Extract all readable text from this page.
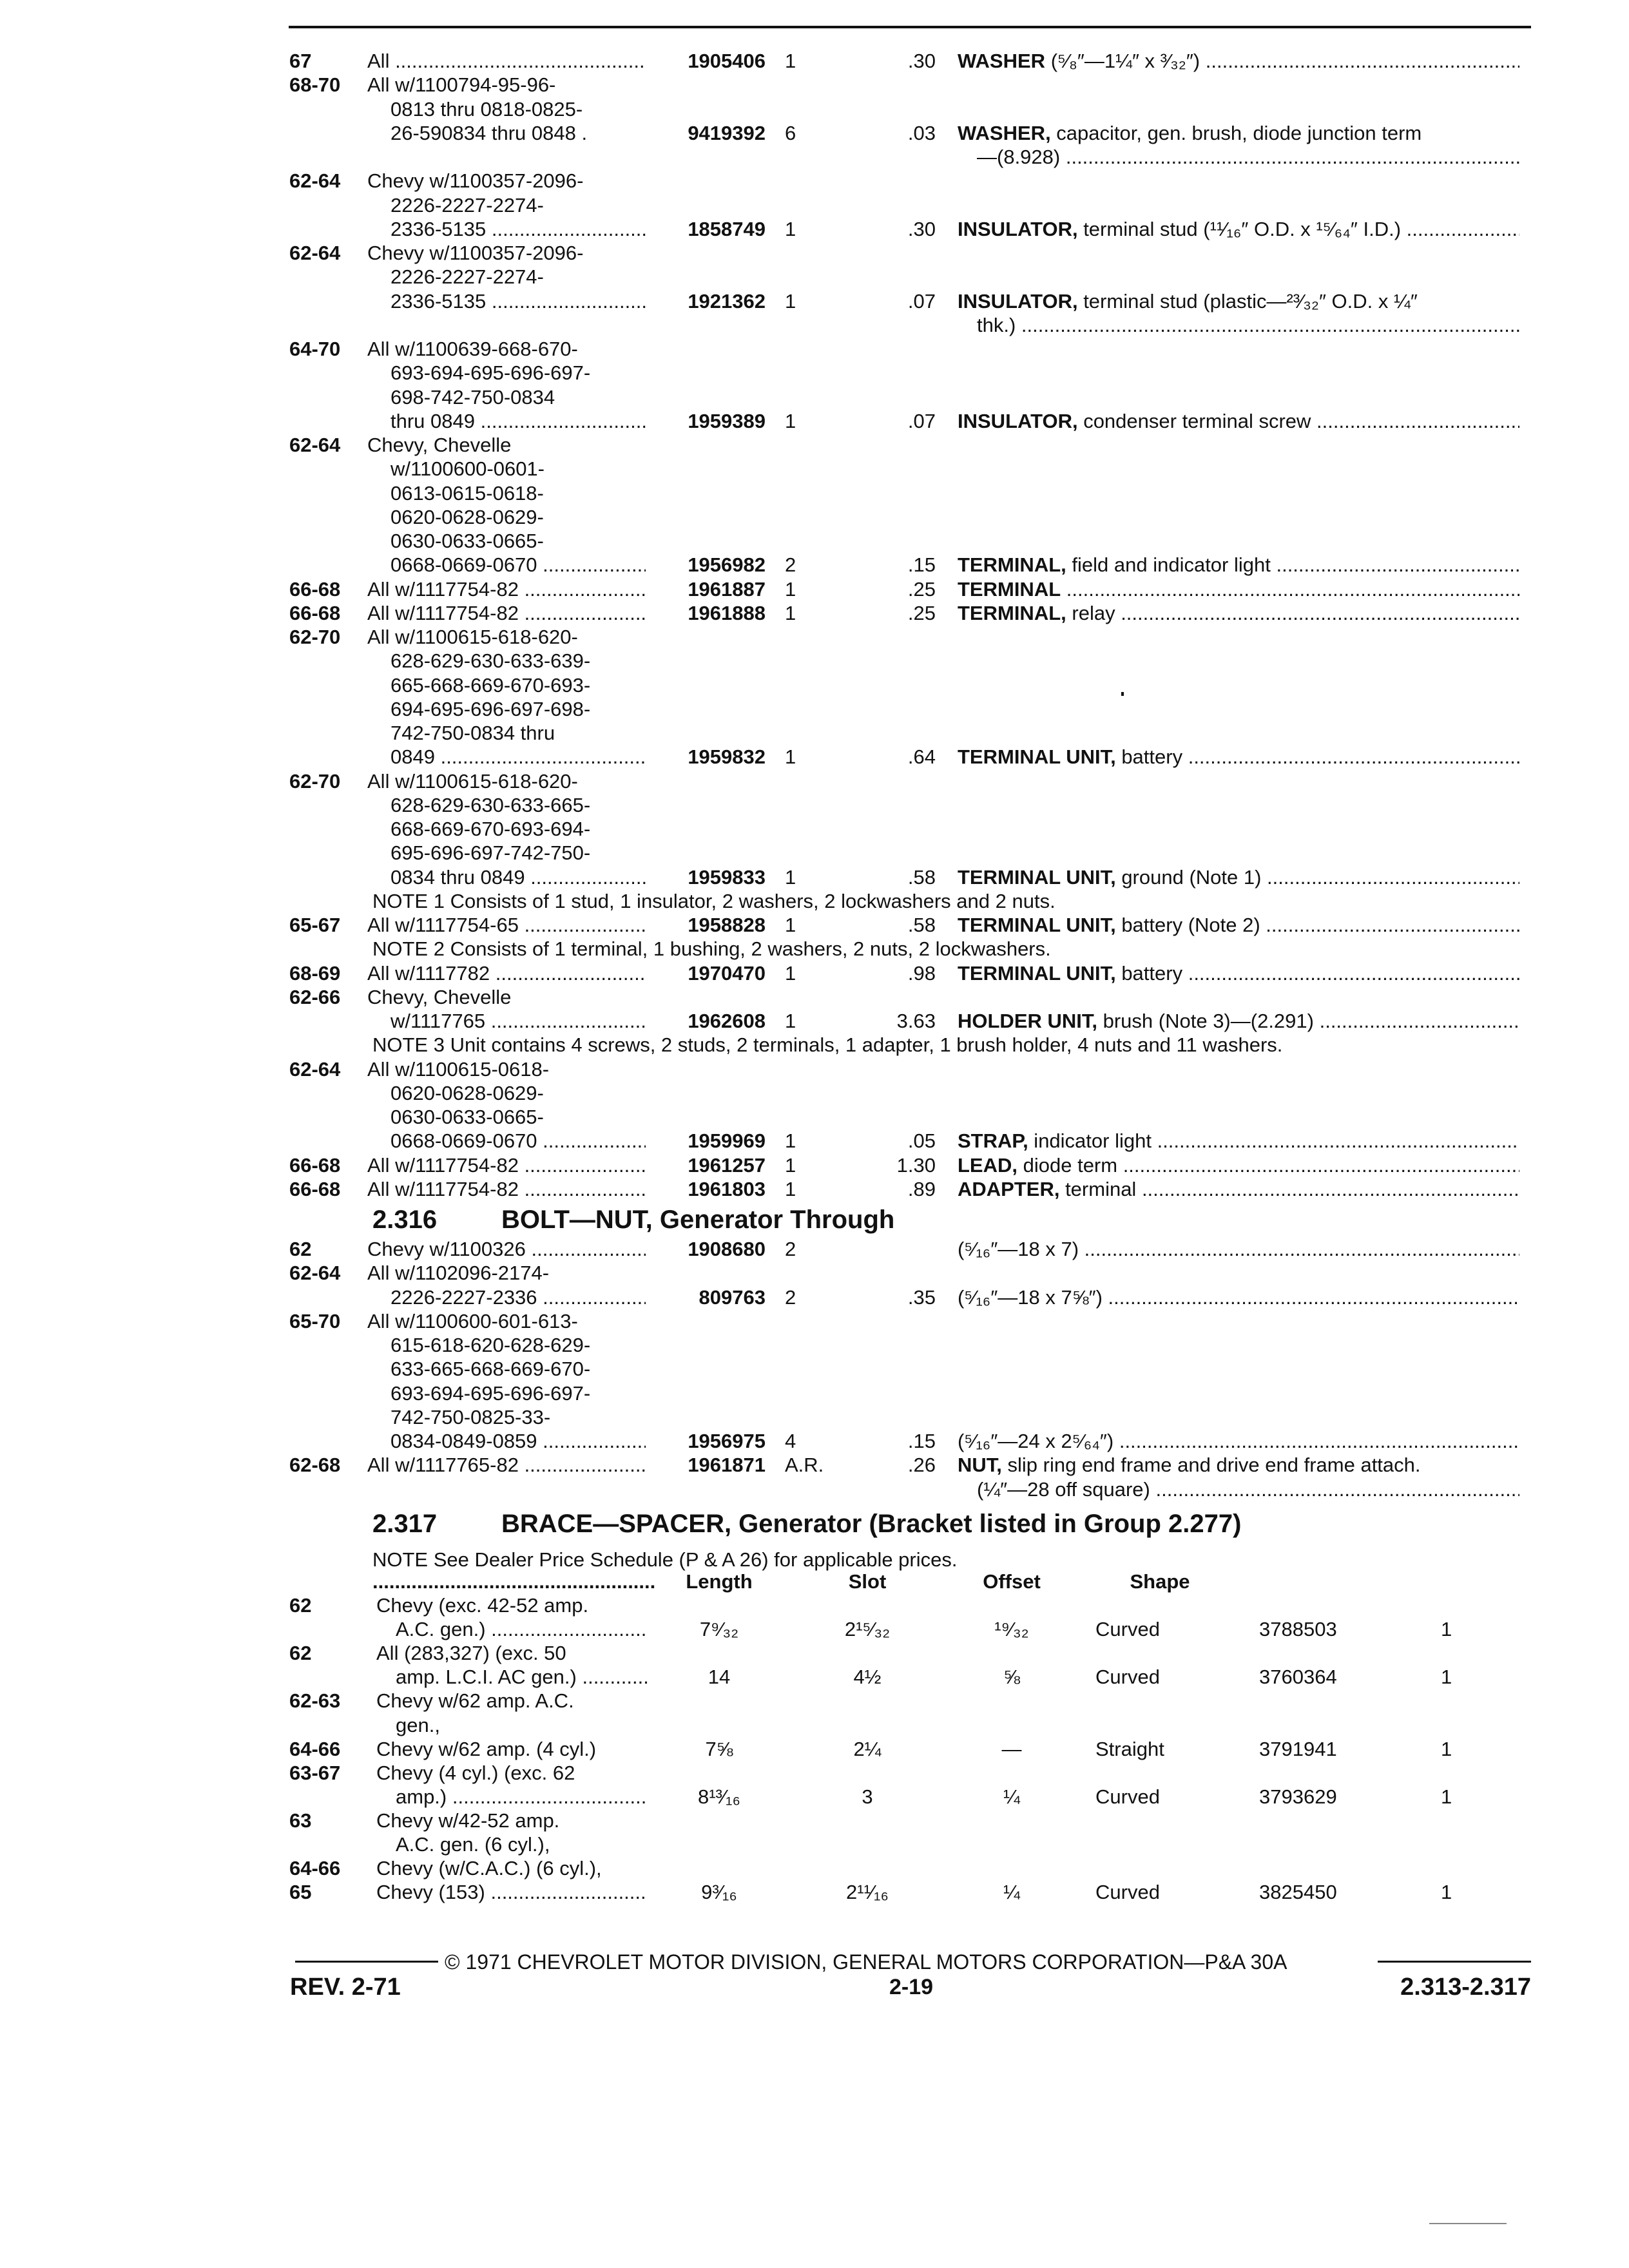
67	All .....	1905406 1	.30 WASHER (⁵⁄₈″—1¼″ x ³⁄₃₂″) .....
68-70 All w/1100794-95-96-
0813 thru 0818-0825-
26-590834 thru 0848 .	9419392 6	.03 WASHER, capacitor, gen. brush, diode junction term
—(8.928) .....
62-64 Chevy w/1100357-2096-
2226-2227-2274-
2336-5135 .....	1858749 1	.30 INSULATOR, terminal stud (¹¹⁄₁₆″ O.D. x ¹⁵⁄₆₄″ I.D.) .....
62-64 Chevy w/1100357-2096-
2226-2227-2274-
2336-5135 .....	1921362 1	.07 INSULATOR, terminal stud (plastic—²³⁄₃₂″ O.D. x ¼″
thk.) .....
64-70 All w/1100639-668-670-
693-694-695-696-697-
698-742-750-0834
thru 0849 .....	1959389 1	.07 INSULATOR, condenser terminal screw .....
62-64 Chevy, Chevelle
w/1100600-0601-
0613-0615-0618-
0620-0628-0629-
0630-0633-0665-
0668-0669-0670 .....	1956982 2	.15 TERMINAL, field and indicator light .....
66-68 All w/1117754-82 .....	1961887 1	.25 TERMINAL .....
66-68 All w/1117754-82 .....	1961888 1	.25 TERMINAL, relay .....
62-70 All w/1100615-618-620-
628-629-630-633-639-
665-668-669-670-693-
694-695-696-697-698-
742-750-0834 thru
0849 .....	1959832 1	.64 TERMINAL UNIT, battery .....
62-70 All w/1100615-618-620-
628-629-630-633-665-
668-669-670-693-694-
695-696-697-742-750-
0834 thru 0849 .....	1959833 1	.58 TERMINAL UNIT, ground (Note 1) .....
NOTE 1 Consists of 1 stud, 1 insulator, 2 washers, 2 lockwashers and 2 nuts.
65-67 All w/1117754-65 .....	1958828 1	.58 TERMINAL UNIT, battery (Note 2) .....
NOTE 2 Consists of 1 terminal, 1 bushing, 2 washers, 2 nuts, 2 lockwashers.
68-69 All w/1117782 .....	1970470 1	.98 TERMINAL UNIT, battery .....
62-66 Chevy, Chevelle
w/1117765 .....	1962608 1	3.63 HOLDER UNIT, brush (Note 3)—(2.291) .....
NOTE 3 Unit contains 4 screws, 2 studs, 2 terminals, 1 adapter, 1 brush holder, 4 nuts and 11 washers.
62-64 All w/1100615-0618-
0620-0628-0629-
0630-0633-0665-
0668-0669-0670 .....	1959969 1	.05 STRAP, indicator light .....
66-68 All w/1117754-82 .....	1961257 1	1.30 LEAD, diode term .....
66-68 All w/1117754-82 .....	1961803 1	.89 ADAPTER, terminal .....
2.316 BOLT—NUT, Generator Through
62	Chevy w/1100326 .....	1908680 2	(⁵⁄₁₆″—18 x 7) .....
62-64 All w/1102096-2174-
2226-2227-2336 .....	809763 2	.35 (⁵⁄₁₆″—18 x 7⅝″) .....
65-70 All w/1100600-601-613-
615-618-620-628-629-
633-665-668-669-670-
693-694-695-696-697-
742-750-0825-33-
0834-0849-0859 .....	1956975 4	.15 (⁵⁄₁₆″—24 x 2⁵⁄₆₄″) .....
62-68 All w/1117765-82 .....	1961871 A.R.	.26 NUT, slip ring end frame and drive end frame attach.
(¼″—28 off square) .....
2.317 BRACE—SPACER, Generator (Bracket listed in Group 2.277)
NOTE See Dealer Price Schedule (P & A 26) for applicable prices.
.....
Length	Slot	Offset	Shape
62	Chevy (exc. 42-52 amp.
A.C. gen.) .....	7⁹⁄₃₂	2¹⁵⁄₃₂	¹⁹⁄₃₂	Curved	3788503	1
62	All (283,327) (exc. 50
amp. L.C.I. AC gen.) .....	14	4½	⅝	Curved	3760364	1
62-63 Chevy w/62 amp. A.C.
gen.,
64-66 Chevy w/62 amp. (4 cyl.)	7⅝	2¼	—	Straight	3791941	1
63-67 Chevy (4 cyl.) (exc. 62
amp.) .....	8¹³⁄₁₆	3	¼	Curved	3793629	1
63	Chevy w/42-52 amp.
A.C. gen. (6 cyl.),
64-66 Chevy (w/C.A.C.) (6 cyl.),
65	Chevy (153) .....	9³⁄₁₆	2¹¹⁄₁₆	¼	Curved	3825450	1
© 1971 CHEVROLET MOTOR DIVISION, GENERAL MOTORS CORPORATION—P&A 30A
REV. 2-71	2-19	2.313-2.317
